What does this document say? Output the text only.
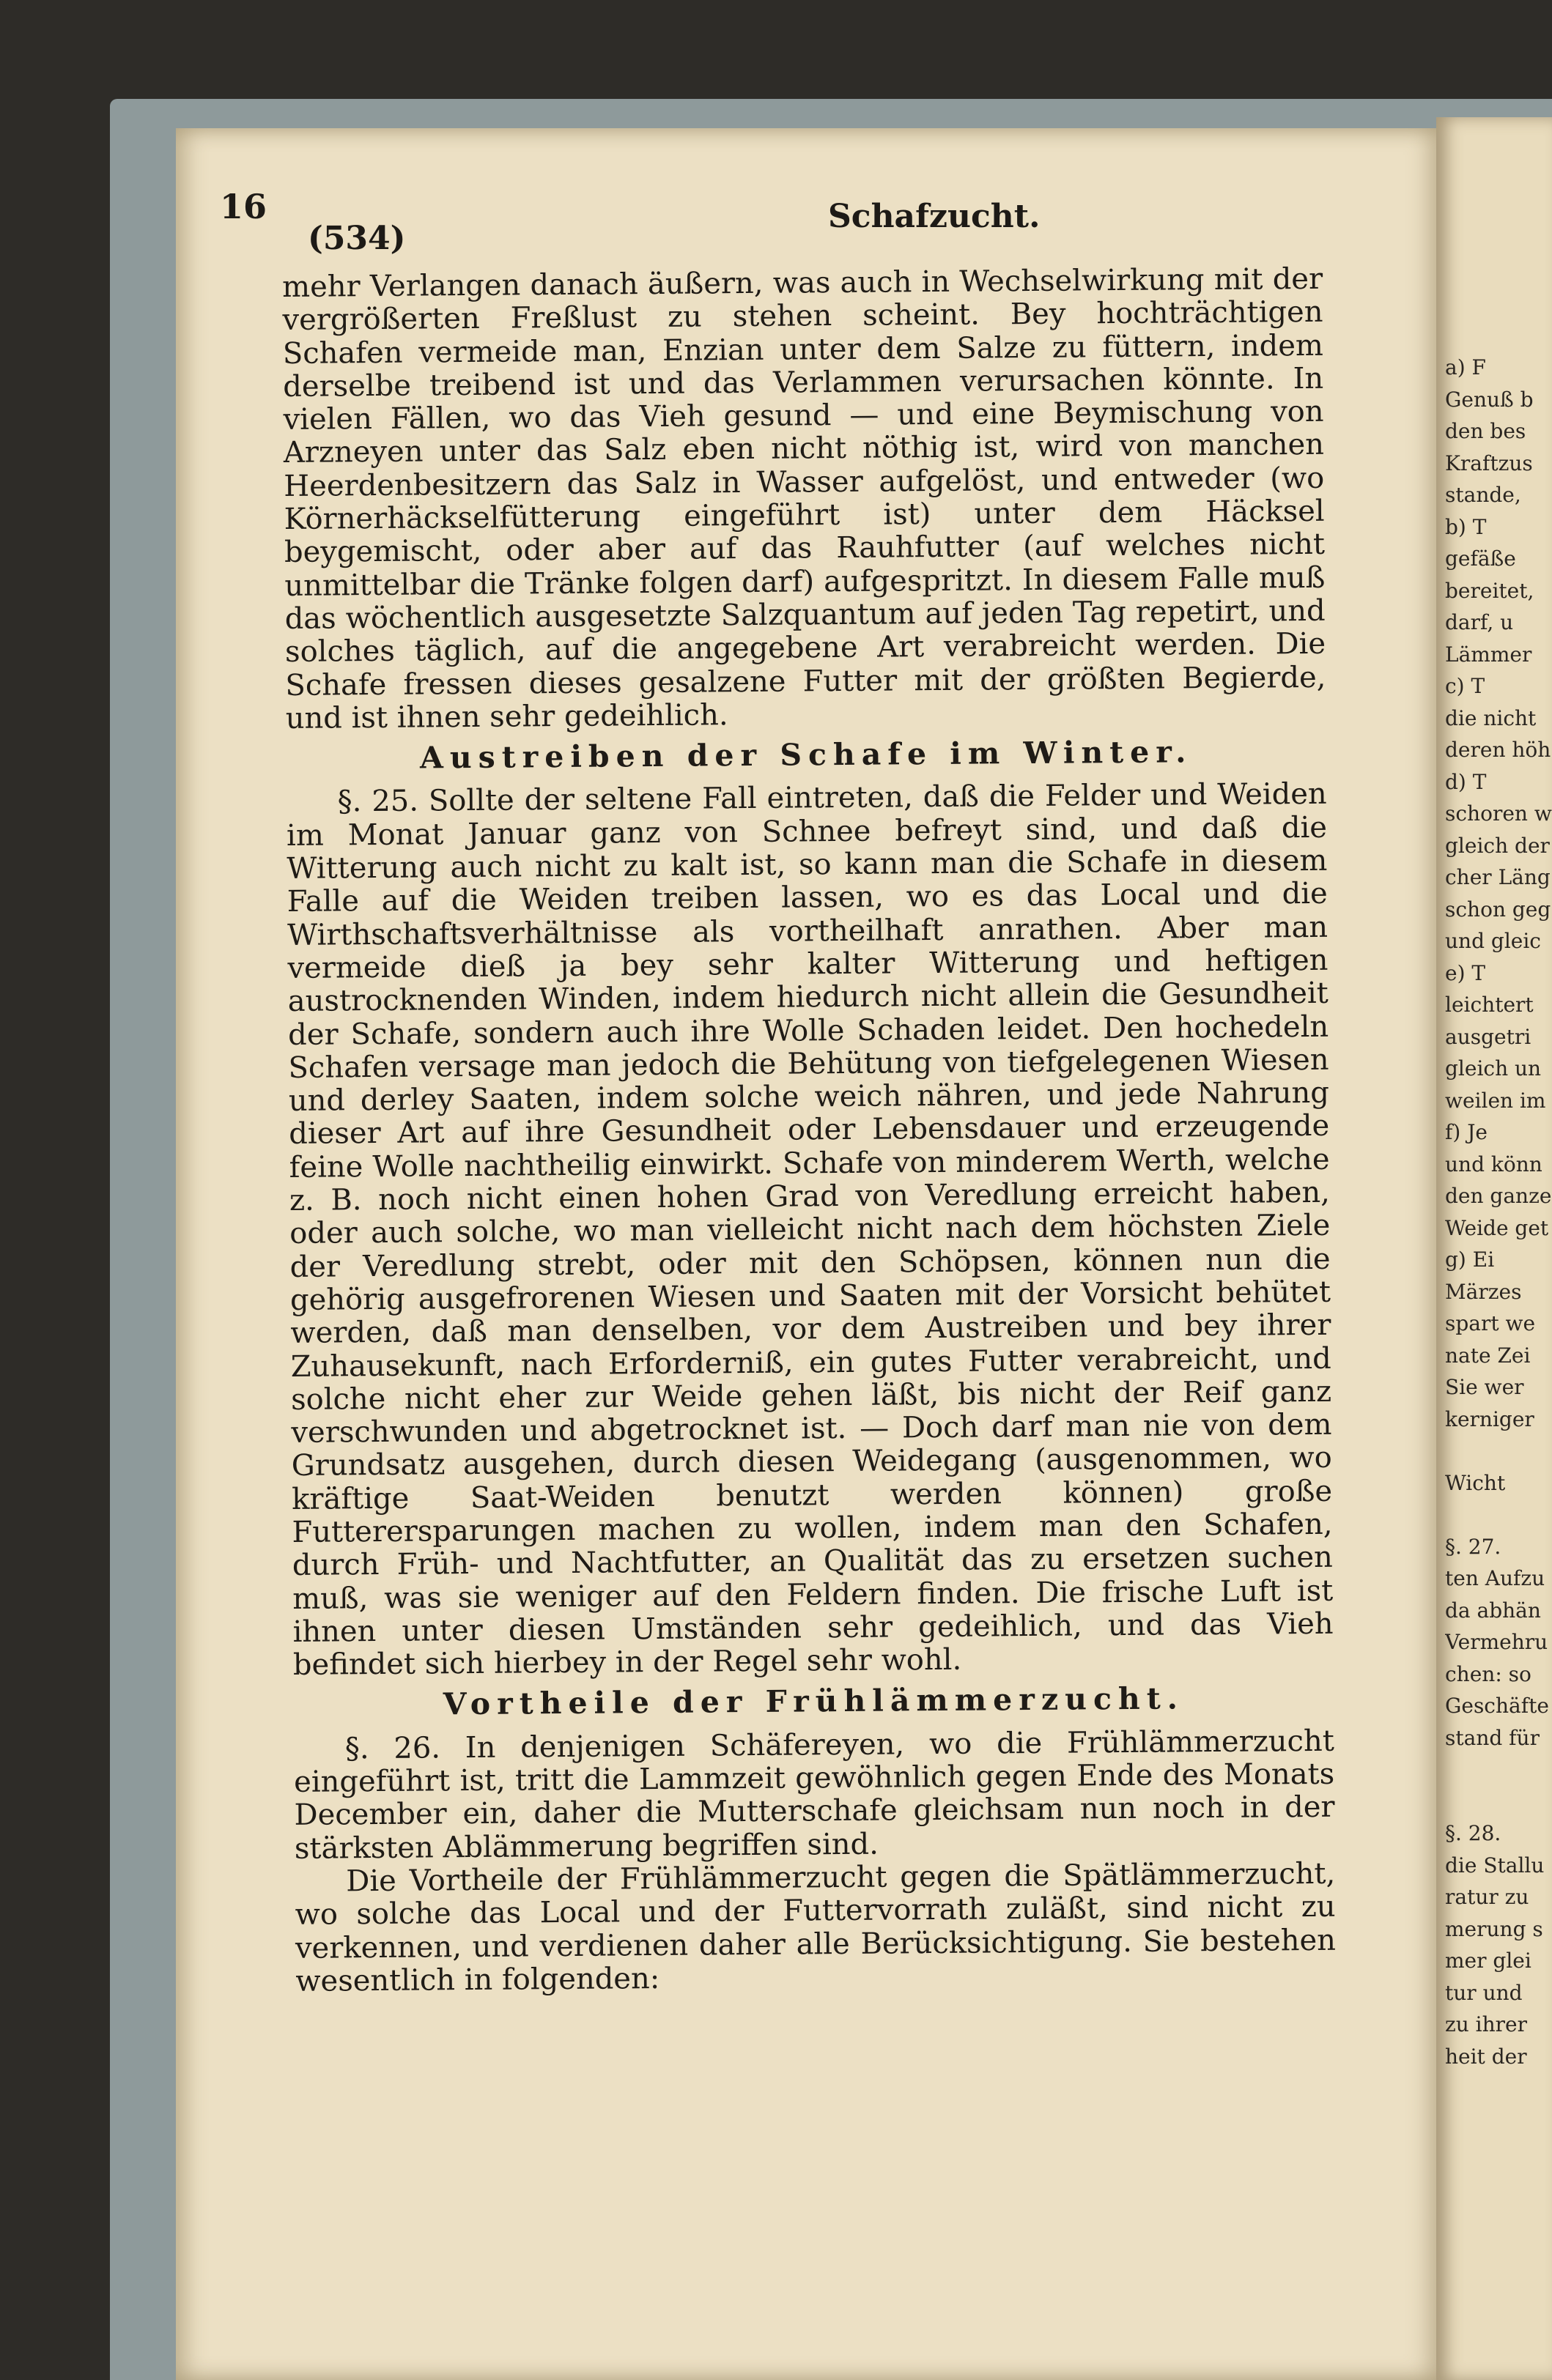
a) F
Genuß b
den bes
Kraftzus
stande,
b) T
gefäße
bereitet,
darf, u
Lämmer
c) T
die nicht
deren höh
d) T
schoren w
gleich der
cher Läng
schon geg
und gleic
e) T
leichtert
ausgetri
gleich un
weilen im
f) Je
und könn
den ganze
Weide get
g) Ei
Märzes
spart we
nate Zei
Sie wer
kerniger
Wicht
§. 27.
ten Aufzu
da abhän
Vermehru
chen: so
Geschäfte
stand für
§. 28.
die Stallu
ratur zu
merung s
mer glei
tur und
zu ihrer
heit der
16
(534)
Schafzucht.

mehr Verlangen danach äußern, was auch in Wechselwirkung mit der vergrößerten Freßlust zu stehen scheint. Bey hochträchtigen Schafen vermeide man, Enzian unter dem Salze zu füttern, indem derselbe treibend ist und das Verlammen verursachen könnte. In vielen Fällen, wo das Vieh gesund — und eine Beymischung von Arzneyen unter das Salz eben nicht nöthig ist, wird von manchen Heerdenbesitzern das Salz in Wasser aufgelöst, und entweder (wo Körnerhäckselfütterung eingeführt ist) unter dem Häcksel beygemischt, oder aber auf das Rauhfutter (auf welches nicht unmittelbar die Tränke folgen darf) aufgespritzt. In diesem Falle muß das wöchentlich ausgesetzte Salzquantum auf jeden Tag repetirt, und solches täglich, auf die angegebene Art verabreicht werden. Die Schafe fressen dieses gesalzene Futter mit der größten Begierde, und ist ihnen sehr gedeihlich.

Austreiben der Schafe im Winter.

§. 25. Sollte der seltene Fall eintreten, daß die Felder und Weiden im Monat Januar ganz von Schnee befreyt sind, und daß die Witterung auch nicht zu kalt ist, so kann man die Schafe in diesem Falle auf die Weiden treiben lassen, wo es das Local und die Wirthschaftsverhältnisse als vortheilhaft anrathen. Aber man vermeide dieß ja bey sehr kalter Witterung und heftigen austrocknenden Winden, indem hiedurch nicht allein die Gesundheit der Schafe, sondern auch ihre Wolle Schaden leidet. Den hochedeln Schafen versage man jedoch die Behütung von tiefgelegenen Wiesen und derley Saaten, indem solche weich nähren, und jede Nahrung dieser Art auf ihre Gesundheit oder Lebensdauer und erzeugende feine Wolle nachtheilig einwirkt. Schafe von minderem Werth, welche z. B. noch nicht einen hohen Grad von Veredlung erreicht haben, oder auch solche, wo man vielleicht nicht nach dem höchsten Ziele der Veredlung strebt, oder mit den Schöpsen, können nun die gehörig ausgefrorenen Wiesen und Saaten mit der Vorsicht behütet werden, daß man denselben, vor dem Austreiben und bey ihrer Zuhausekunft, nach Erforderniß, ein gutes Futter verabreicht, und solche nicht eher zur Weide gehen läßt, bis nicht der Reif ganz verschwunden und abgetrocknet ist. — Doch darf man nie von dem Grundsatz ausgehen, durch diesen Weidegang (ausgenommen, wo kräftige Saat-Weiden benutzt werden können) große Futterersparungen machen zu wollen, indem man den Schafen, durch Früh- und Nachtfutter, an Qualität das zu ersetzen suchen muß, was sie weniger auf den Feldern finden. Die frische Luft ist ihnen unter diesen Umständen sehr gedeihlich, und das Vieh befindet sich hierbey in der Regel sehr wohl.

Vortheile der Frühlämmerzucht.

§. 26. In denjenigen Schäfereyen, wo die Frühlämmerzucht eingeführt ist, tritt die Lammzeit gewöhnlich gegen Ende des Monats December ein, daher die Mutterschafe gleichsam nun noch in der stärksten Ablämmerung begriffen sind.

Die Vortheile der Frühlämmerzucht gegen die Spätlämmerzucht, wo solche das Local und der Futtervorrath zuläßt, sind nicht zu verkennen, und verdienen daher alle Berücksichtigung. Sie bestehen wesentlich in folgenden:
